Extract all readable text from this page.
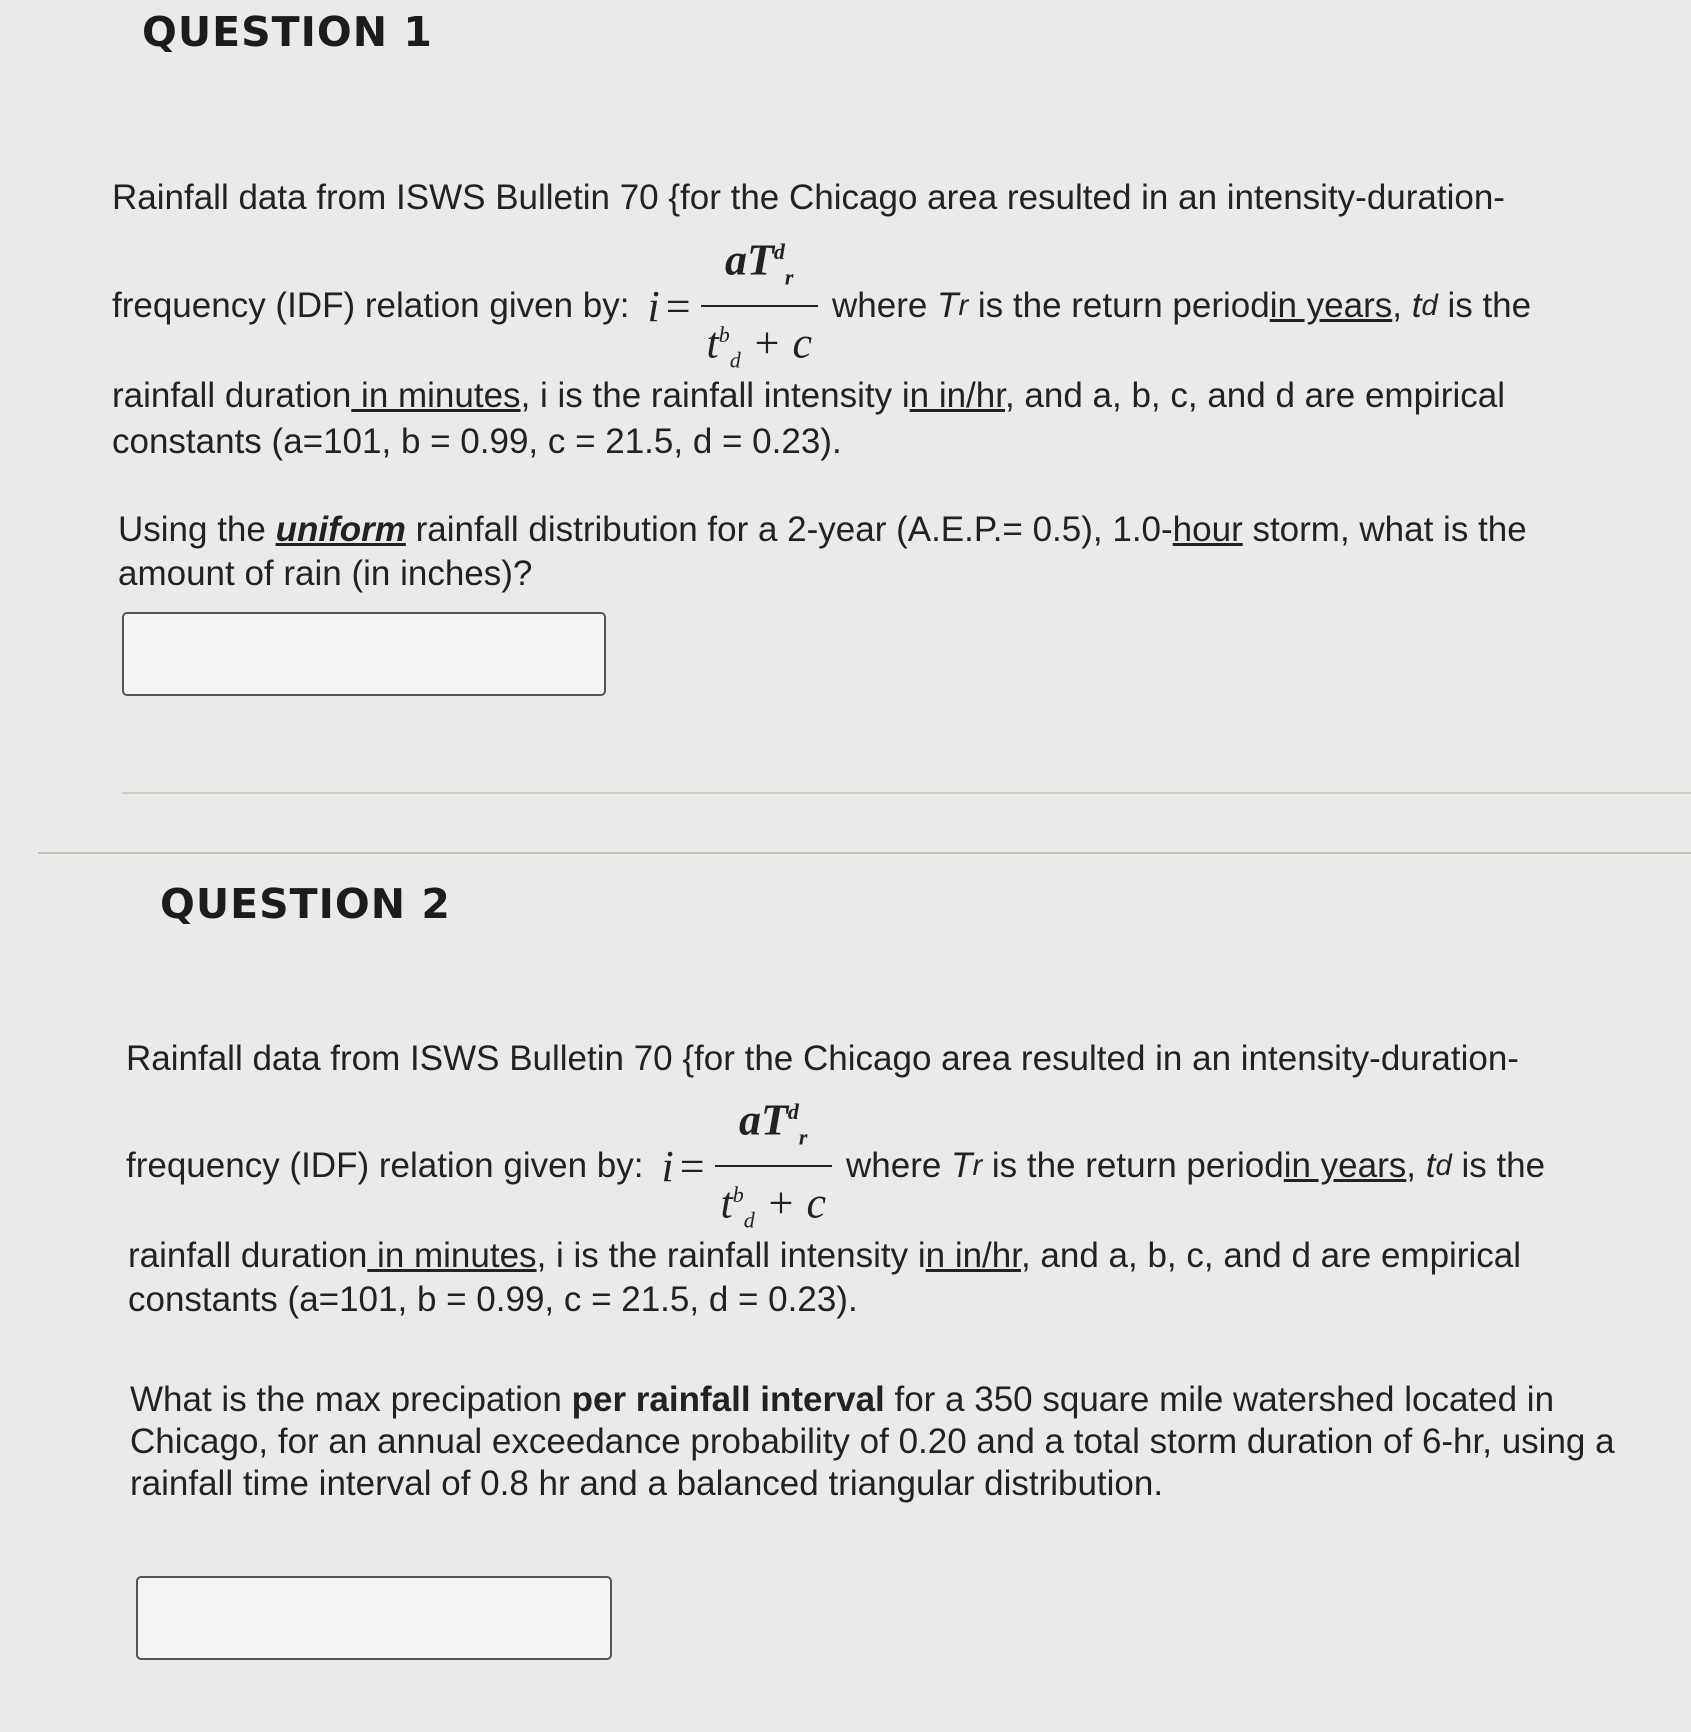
QUESTION 1

Rainfall data from ISWS Bulletin 70 {for the Chicago area resulted in an intensity-duration-

frequency (IDF) relation given by: $i = \frac{aT^d_r}{t^b_d + c}$ where
T r
is the return period in years ,
t d
is the

rainfall duration in minutes, i is the rainfall intensity in in/hr, and a, b, c, and d are empirical

constants (a=101, b = 0.99, c = 21.5, d = 0.23).

Using the uniform rainfall distribution for a 2-year (A.E.P.= 0.5), 1.0-hour storm, what is the

amount of rain (in inches)?

QUESTION 2

Rainfall data from ISWS Bulletin 70 {for the Chicago area resulted in an intensity-duration-

frequency (IDF) relation given by: $i = \frac{aT^d_r}{t^b_d + c}$ where
T r
is the return period in years ,
t d
is the

rainfall duration in minutes, i is the rainfall intensity in in/hr, and a, b, c, and d are empirical

constants (a=101, b = 0.99, c = 21.5, d = 0.23).

What is the max precipation per rainfall interval for a 350 square mile watershed located in

Chicago, for an annual exceedance probability of 0.20 and a total storm duration of 6-hr, using a

rainfall time interval of 0.8 hr and a balanced triangular distribution.
